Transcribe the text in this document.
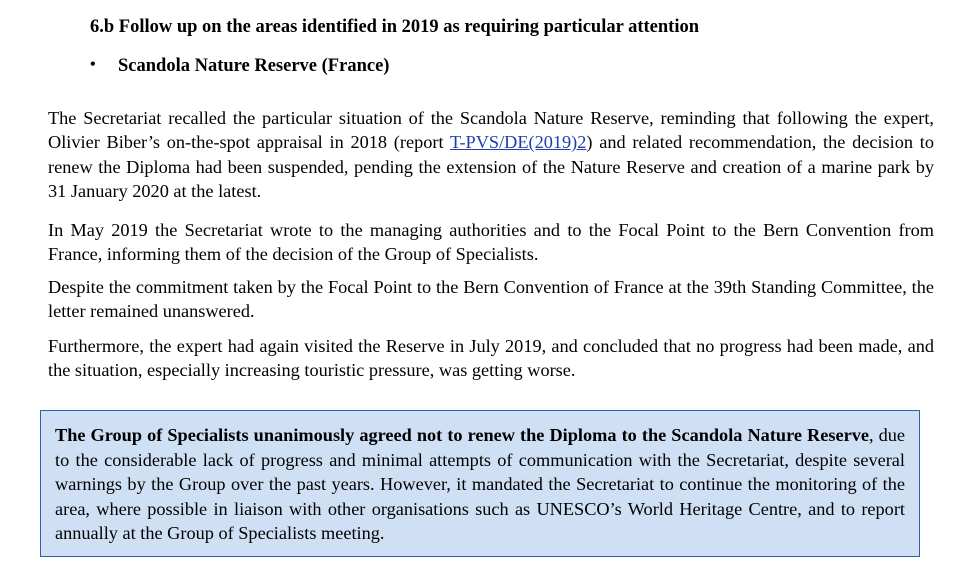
6.b Follow up on the areas identified in 2019 as requiring particular attention
•	Scandola Nature Reserve (France)

The Secretariat recalled the particular situation of the Scandola Nature Reserve, reminding that following the expert, Olivier Biber’s on-the-spot appraisal in 2018 (report T-PVS/DE(2019)2) and related recommendation, the decision to renew the Diploma had been suspended, pending the extension of the Nature Reserve and creation of a marine park by 31 January 2020 at the latest.

In May 2019 the Secretariat wrote to the managing authorities and to the Focal Point to the Bern Convention from France, informing them of the decision of the Group of Specialists.

Despite the commitment taken by the Focal Point to the Bern Convention of France at the 39th Standing Committee, the letter remained unanswered.

Furthermore, the expert had again visited the Reserve in July 2019, and concluded that no progress had been made, and the situation, especially increasing touristic pressure, was getting worse.

The Group of Specialists unanimously agreed not to renew the Diploma to the Scandola Nature Reserve, due to the considerable lack of progress and minimal attempts of communication with the Secretariat, despite several warnings by the Group over the past years. However, it mandated the Secretariat to continue the monitoring of the area, where possible in liaison with other organisations such as UNESCO’s World Heritage Centre, and to report annually at the Group of Specialists meeting.
